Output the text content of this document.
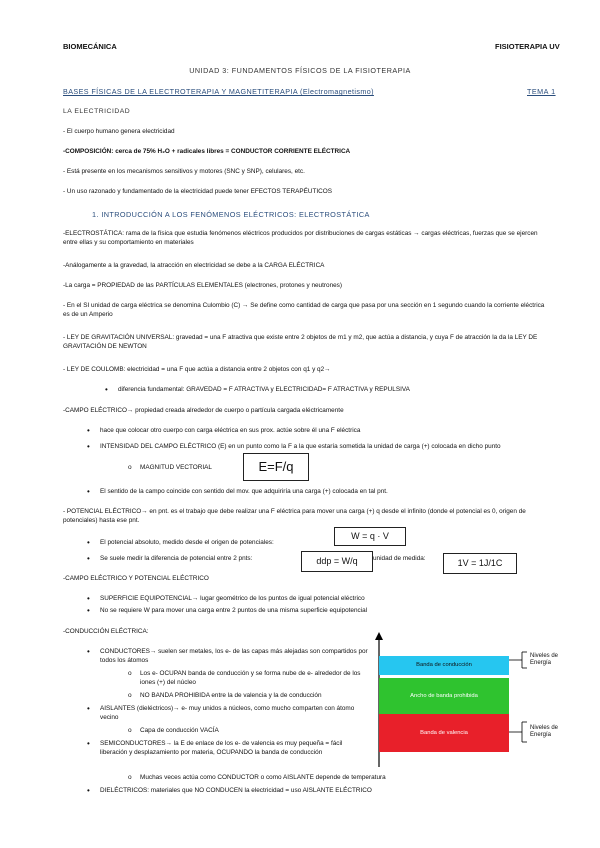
BIOMECÁNICA	FISIOTERAPIA UV
UNIDAD 3: FUNDAMENTOS FÍSICOS DE LA FISIOTERAPIA
BASES FÍSICAS DE LA ELECTROTERAPIA Y MAGNETITERAPIA (Electromagnetismo)	TEMA 1
LA ELECTRICIDAD
- El cuerpo humano genera electricidad
-COMPOSICIÓN: cerca de 75% H₂O + radicales libres = CONDUCTOR CORRIENTE ELÉCTRICA
- Está presente en los mecanismos sensitivos y motores (SNC y SNP), celulares, etc.
- Un uso razonado y fundamentado de la electricidad puede tener EFECTOS TERAPÉUTICOS
1. INTRODUCCIÓN A LOS FENÓMENOS ELÉCTRICOS: ELECTROSTÁTICA
-ELECTROSTÁTICA: rama de la física que estudia fenómenos eléctricos producidos por distribuciones de cargas estáticas → cargas eléctricas, fuerzas que se ejercen entre ellas y su comportamiento en materiales
-Análogamente a la gravedad, la atracción en electricidad se debe a la CARGA ELÉCTRICA
-La carga = PROPIEDAD de las PARTÍCULAS ELEMENTALES (electrones, protones y neutrones)
- En el SI unidad de carga eléctrica se denomina Culombio (C) → Se define como cantidad de carga que pasa por una sección en 1 segundo cuando la corriente eléctrica es de un Amperio
- LEY DE GRAVITACIÓN UNIVERSAL: gravedad = una F atractiva que existe entre 2 objetos de m1 y m2, que actúa a distancia, y cuya F de atracción la da la LEY DE GRAVITACIÓN DE NEWTON
- LEY DE COULOMB: electricidad = una F que actúa a distancia entre 2 objetos con q1 y q2→
• diferencia fundamental: GRAVEDAD = F ATRACTIVA y ELECTRICIDAD= F ATRACTIVA y REPULSIVA
-CAMPO ELÉCTRICO→ propiedad creada alrededor de cuerpo o partícula cargada eléctricamente
• hace que colocar otro cuerpo con carga eléctrica en sus prox. actúe sobre él una F eléctrica
• INTENSIDAD DEL CAMPO ELÉCTRICO (E) en un punto como la F a la que estaría sometida la unidad de carga (+) colocada en dicho punto
o MAGNITUD VECTORIAL	E=F/q
• El sentido de la campo coincide con sentido del mov. que adquiriría una carga (+) colocada en tal pnt.
- POTENCIAL ELÉCTRICO→ en pnt. es el trabajo que debe realizar una F eléctrica para mover una carga (+) q desde el infinito (donde el potencial es 0, origen de potenciales) hasta ese pnt.
• El potencial absoluto, medido desde el origen de potenciales:
W = q · V
• Se suele medir la diferencia de potencial entre 2 pnts:	ddp = W/q	unidad de medida:	1V = 1J/1C
-CAMPO ELÉCTRICO Y POTENCIAL ELÉCTRICO
• SUPERFICIE EQUIPOTENCIAL→ lugar geométrico de los puntos de igual potencial eléctrico
• No se requiere W para mover una carga entre 2 puntos de una misma superficie equipotencial
-CONDUCCIÓN ELÉCTRICA:
• CONDUCTORES→ suelen ser metales, los e- de las capas más alejadas son compartidos por todos los átomos
o Los e- OCUPAN banda de conducción y se forma nube de e- alrededor de los iones (+) del núcleo
o NO BANDA PROHIBIDA entre la de valencia y la de conducción
• AISLANTES (dieléctricos)→ e- muy unidos a núcleos, como mucho comparten con átomo vecino
o Capa de conducción VACÍA
• SEMICONDUCTORES→ la E de enlace de los e- de valencia es muy pequeña = fácil liberación y desplazamiento por materia, OCUPANDO la banda de conducción
o Muchas veces actúa como CONDUCTOR o como AISLANTE depende de temperatura
• DIELÉCTRICOS: materiales que NO CONDUCEN la electricidad = uso AISLANTE ELÉCTRICO
Banda de conducción
Ancho de banda prohibida
Banda de valencia
Niveles de Energía
Niveles de Energía
